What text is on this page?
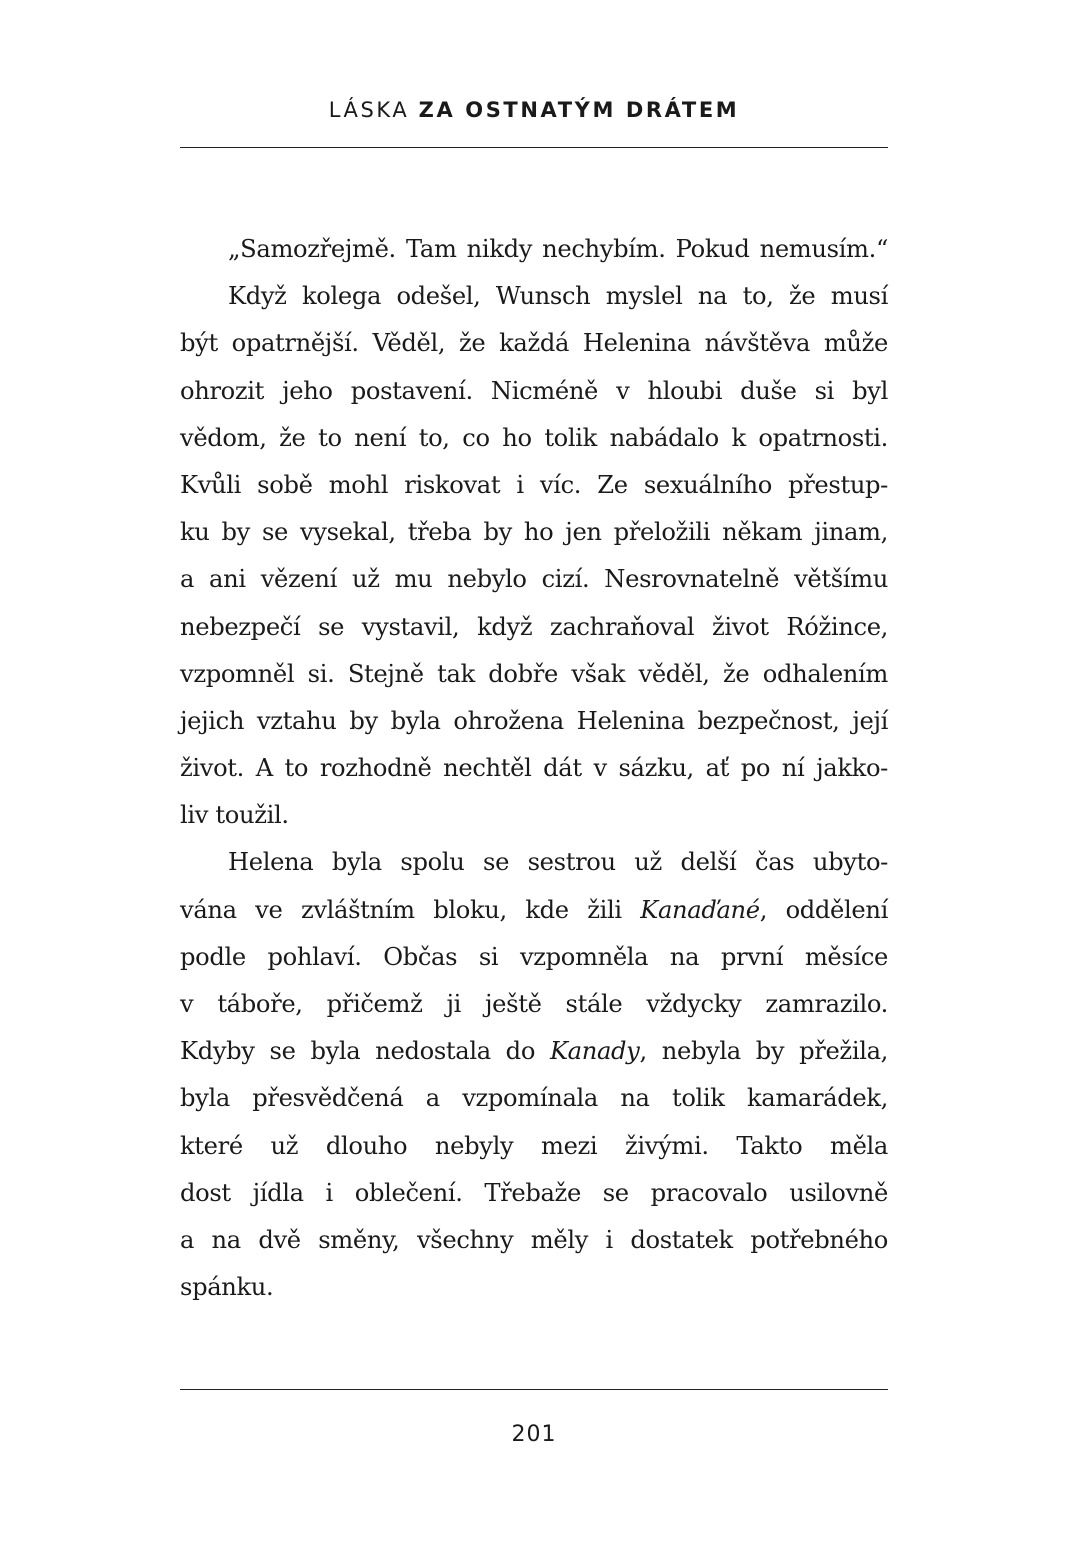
LÁSKA ZA OSTNATÝM DRÁTEM
„Samozřejmě. Tam nikdy nechybím. Pokud nemusím.“
Když kolega odešel, Wunsch myslel na to, že musí
být opatrnější. Věděl, že každá Helenina návštěva může
ohrozit jeho postavení. Nicméně v hloubi duše si byl
vědom, že to není to, co ho tolik nabádalo k opatrnosti.
Kvůli sobě mohl riskovat i víc. Ze sexuálního přestup-
ku by se vysekal, třeba by ho jen přeložili někam jinam,
a ani vězení už mu nebylo cizí. Nesrovnatelně většímu
nebezpečí se vystavil, když zachraňoval život Róžince,
vzpomněl si. Stejně tak dobře však věděl, že odhalením
jejich vztahu by byla ohrožena Helenina bezpečnost, její
život. A to rozhodně nechtěl dát v sázku, ať po ní jakko-
liv toužil.
Helena byla spolu se sestrou už delší čas ubyto-
vána ve zvláštním bloku, kde žili Kanaďané, oddělení
podle pohlaví. Občas si vzpomněla na první měsíce
v táboře, přičemž ji ještě stále vždycky zamrazilo.
Kdyby se byla nedostala do Kanady, nebyla by přežila,
byla přesvědčená a vzpomínala na tolik kamarádek,
které už dlouho nebyly mezi živými. Takto měla
dost jídla i oblečení. Třebaže se pracovalo usilovně
a na dvě směny, všechny měly i dostatek potřebného
spánku.
201
